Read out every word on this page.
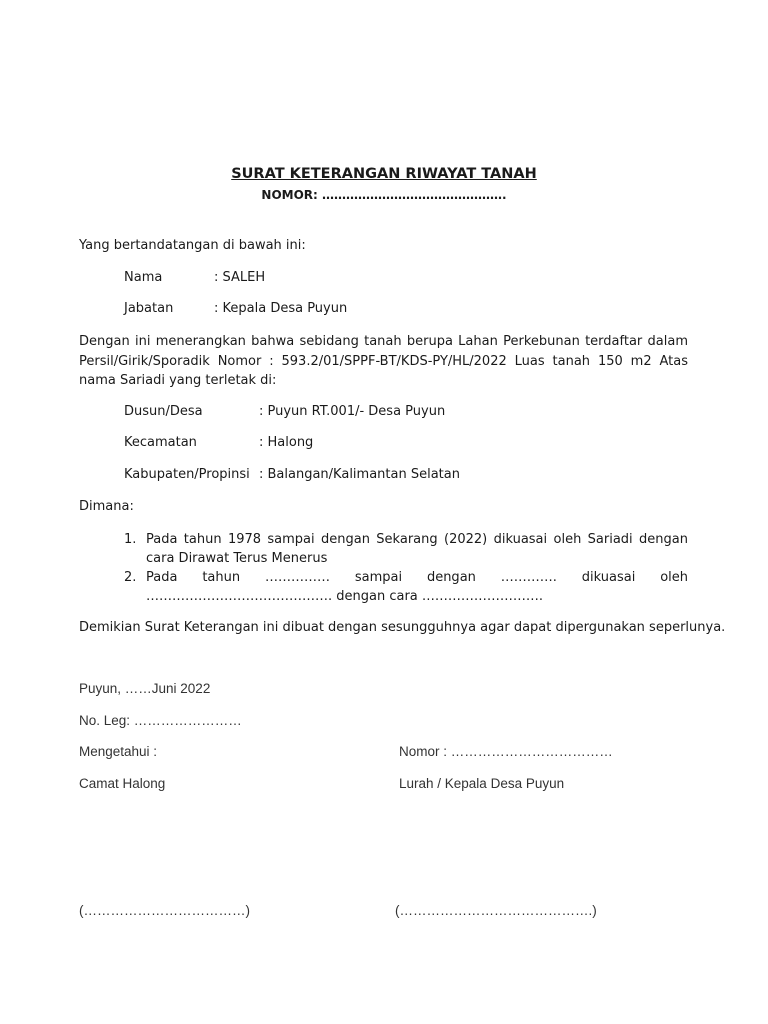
SURAT KETERANGAN RIWAYAT TANAH
NOMOR: ……………………………………….
Yang bertandatangan di bawah ini:
Nama	: SALEH
Jabatan	: Kepala Desa Puyun
Dengan ini menerangkan bahwa sebidang tanah berupa Lahan Perkebunan terdaftar dalam Persil/Girik/Sporadik Nomor : 593.2/01/SPPF-BT/KDS-PY/HL/2022 Luas tanah 150 m2 Atas nama Sariadi yang terletak di:
Dusun/Desa	: Puyun RT.001/- Desa Puyun
Kecamatan	: Halong
Kabupaten/Propinsi : Balangan/Kalimantan Selatan
Dimana:
1. Pada tahun 1978 sampai dengan Sekarang (2022) dikuasai oleh Sariadi dengan cara Dirawat Terus Menerus
2. Pada tahun …………… sampai dengan …………. dikuasai oleh ……………………………………. dengan cara ……………………….
Demikian Surat Keterangan ini dibuat dengan sesungguhnya agar dapat dipergunakan seperlunya.
Puyun, ……Juni 2022
No. Leg: ……………………
Mengetahui :	Nomor : ………………………………
Camat Halong	Lurah / Kepala Desa Puyun
(………………………………)	(…………………………………….)
